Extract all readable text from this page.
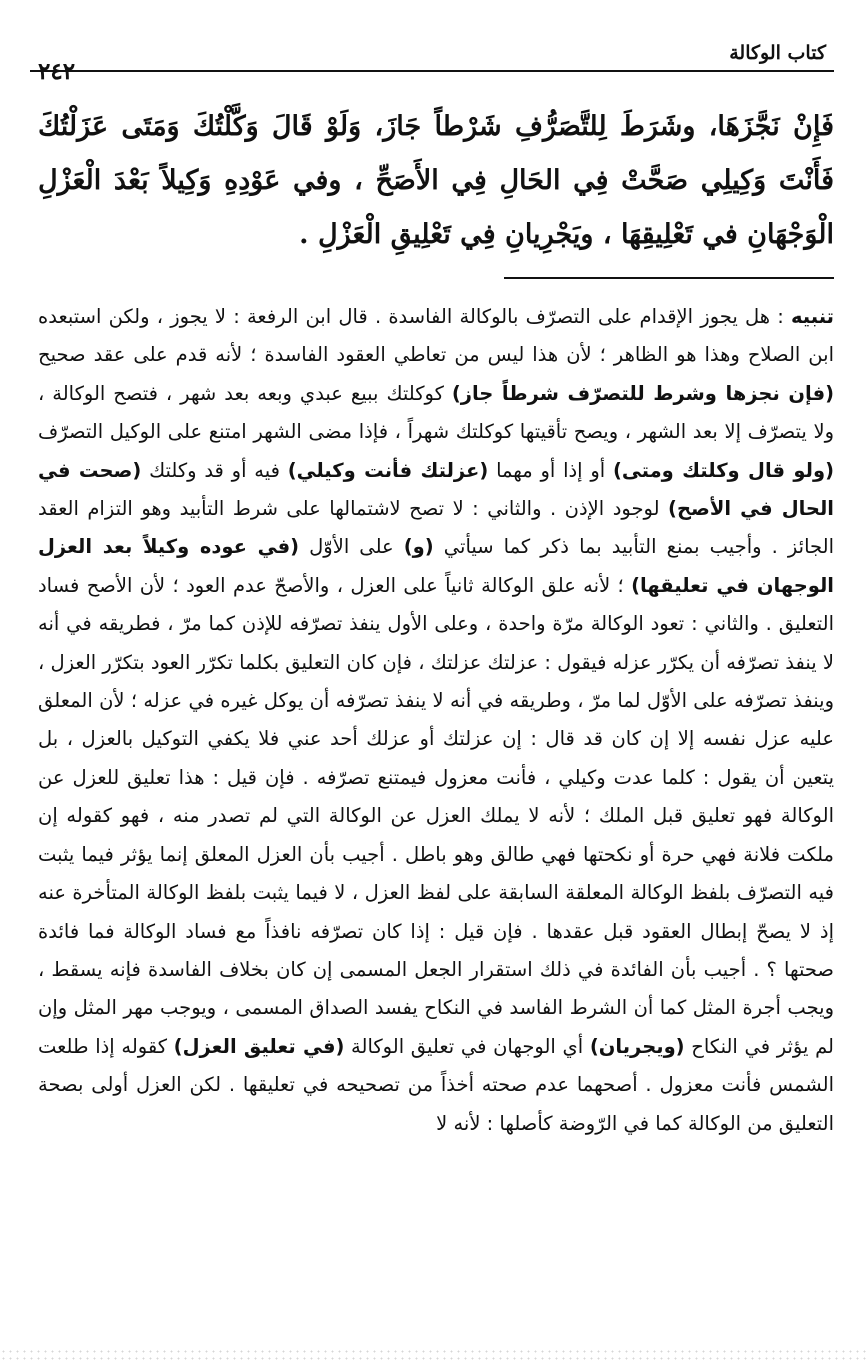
كتاب الوكالة
٢٤٢
فَإِنْ نَجَّزَهَا، وشَرَطَ لِلتَّصَرُّفِ شَرْطاً جَازَ، وَلَوْ قَالَ وَكَّلْتُكَ وَمَتَى عَزَلْتُكَ فَأَنْتَ وَكِيلِي صَحَّتْ فِي الحَالِ فِي الأَصَحِّ ، وفي عَوْدِهِ وَكِيلاً بَعْدَ الْعَزْلِ الْوَجْهَانِ في تَعْلِيقِهَا ، ويَجْرِيانِ فِي تَعْلِيقِ الْعَزْلِ .

تنبيه : هل يجوز الإقدام على التصرّف بالوكالة الفاسدة . قال ابن الرفعة : لا يجوز ، ولكن استبعده ابن الصلاح وهذا هو الظاهر ؛ لأن هذا ليس من تعاطي العقود الفاسدة ؛ لأنه قدم على عقد صحيح (فإن نجزها وشرط للتصرّف شرطاً جاز) كوكلتك ببيع عبدي وبعه بعد شهر ، فتصح الوكالة ، ولا يتصرّف إلا بعد الشهر ، ويصح تأقيتها كوكلتك شهراً ، فإذا مضى الشهر امتنع على الوكيل التصرّف (ولو قال وكلتك ومتى) أو إذا أو مهما (عزلتك فأنت وكيلي) فيه أو قد وكلتك (صحت في الحال في الأصح) لوجود الإذن . والثاني : لا تصح لاشتمالها على شرط التأبيد وهو التزام العقد الجائز . وأجيب بمنع التأبيد بما ذكر كما سيأتي (و) على الأوّل (في عوده وكيلاً بعد العزل الوجهان في تعليقها) ؛ لأنه علق الوكالة ثانياً على العزل ، والأصحّ عدم العود ؛ لأن الأصح فساد التعليق . والثاني : تعود الوكالة مرّة واحدة ، وعلى الأول ينفذ تصرّفه للإذن كما مرّ ، فطريقه في أنه لا ينفذ تصرّفه أن يكرّر عزله فيقول : عزلتك عزلتك ، فإن كان التعليق بكلما تكرّر العود بتكرّر العزل ، وينفذ تصرّفه على الأوّل لما مرّ ، وطريقه في أنه لا ينفذ تصرّفه أن يوكل غيره في عزله ؛ لأن المعلق عليه عزل نفسه إلا إن كان قد قال : إن عزلتك أو عزلك أحد عني فلا يكفي التوكيل بالعزل ، بل يتعين أن يقول : كلما عدت وكيلي ، فأنت معزول فيمتنع تصرّفه . فإن قيل : هذا تعليق للعزل عن الوكالة فهو تعليق قبل الملك ؛ لأنه لا يملك العزل عن الوكالة التي لم تصدر منه ، فهو كقوله إن ملكت فلانة فهي حرة أو نكحتها فهي طالق وهو باطل . أجيب بأن العزل المعلق إنما يؤثر فيما يثبت فيه التصرّف بلفظ الوكالة المعلقة السابقة على لفظ العزل ، لا فيما يثبت بلفظ الوكالة المتأخرة عنه إذ لا يصحّ إبطال العقود قبل عقدها . فإن قيل : إذا كان تصرّفه نافذاً مع فساد الوكالة فما فائدة صحتها ؟ . أجيب بأن الفائدة في ذلك استقرار الجعل المسمى إن كان بخلاف الفاسدة فإنه يسقط ، ويجب أجرة المثل كما أن الشرط الفاسد في النكاح يفسد الصداق المسمى ، ويوجب مهر المثل وإن لم يؤثر في النكاح (ويجريان) أي الوجهان في تعليق الوكالة (في تعليق العزل) كقوله إذا طلعت الشمس فأنت معزول . أصحهما عدم صحته أخذاً من تصحيحه في تعليقها . لكن العزل أولى بصحة التعليق من الوكالة كما في الرّوضة كأصلها : لأنه لا
